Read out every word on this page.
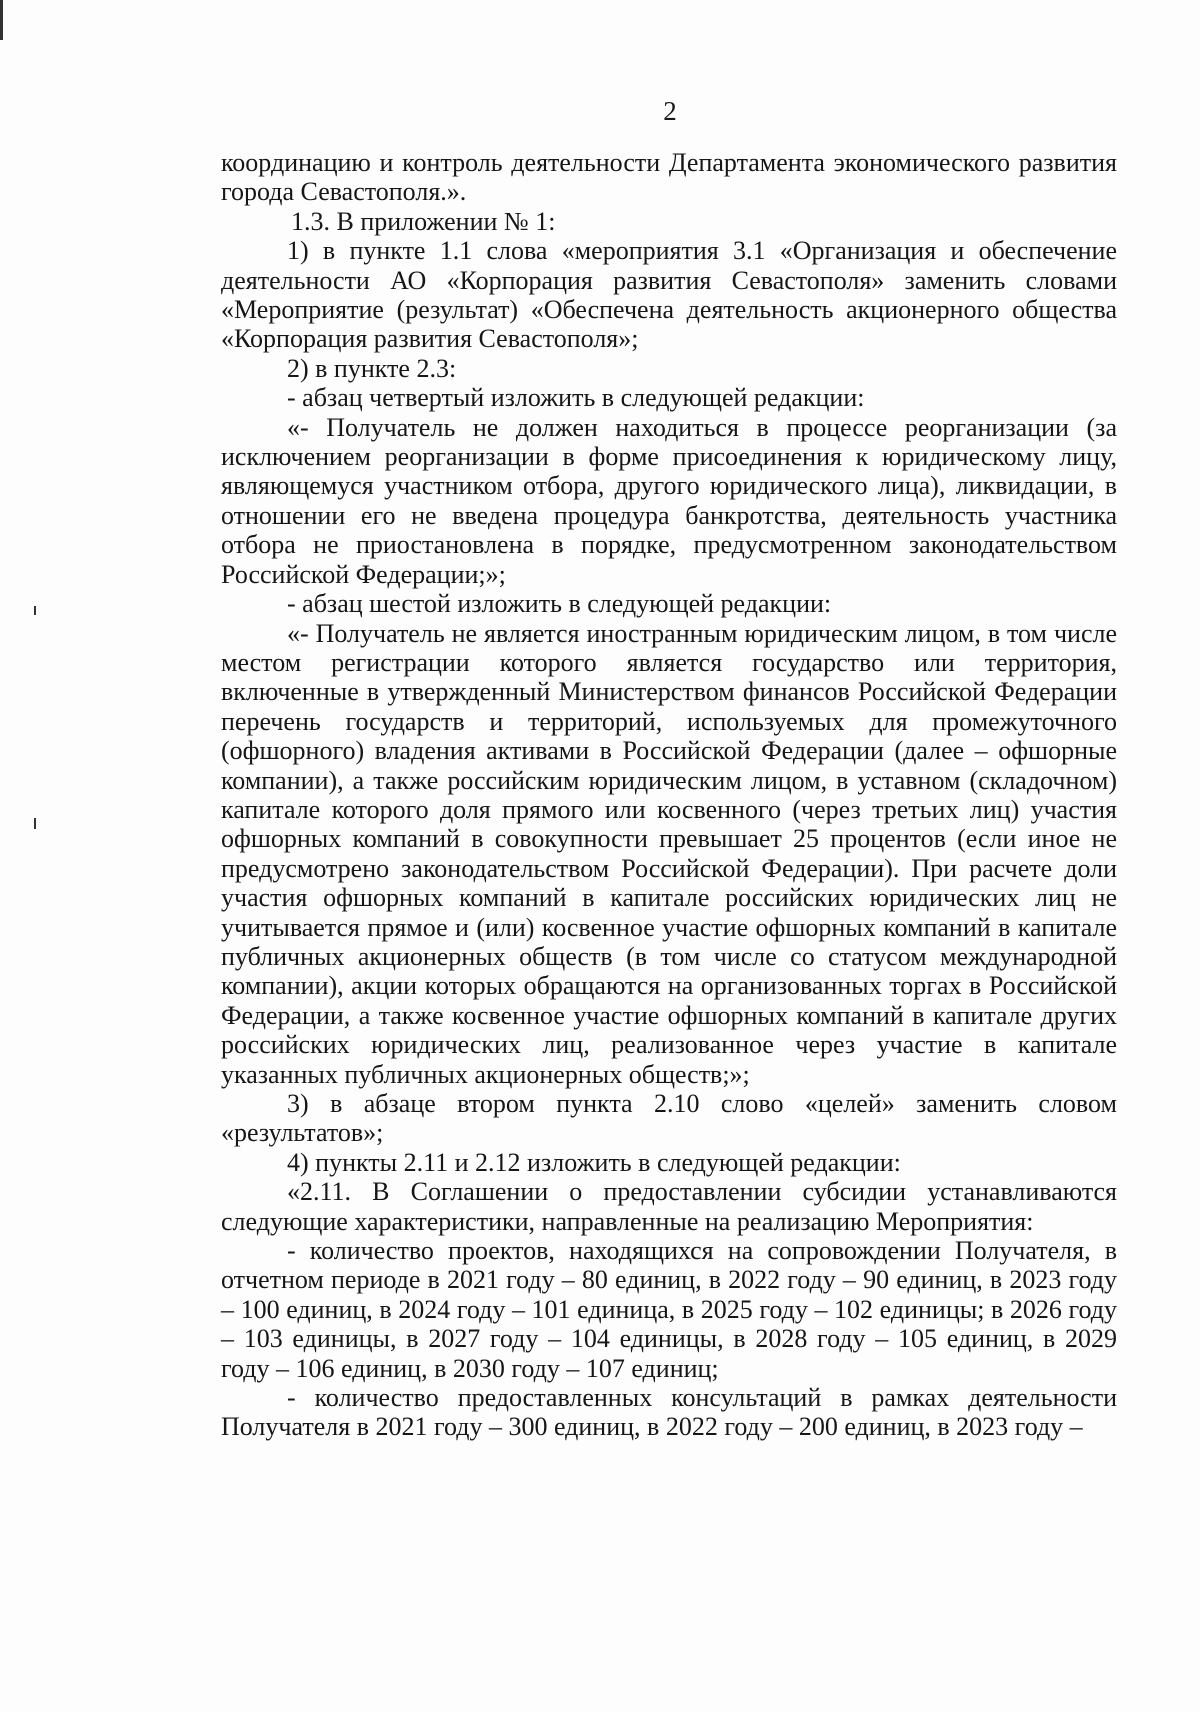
2

координацию и контроль деятельности Департамента экономического развития города Севастополя.».

1.3. В приложении № 1:

1) в пункте 1.1 слова «мероприятия 3.1 «Организация и обеспечение деятельности АО «Корпорация развития Севастополя» заменить словами «Мероприятие (результат) «Обеспечена деятельность акционерного общества «Корпорация развития Севастополя»;

2) в пункте 2.3:

- абзац четвертый изложить в следующей редакции:

«- Получатель не должен находиться в процессе реорганизации (за исключением реорганизации в форме присоединения к юридическому лицу, являющемуся участником отбора, другого юридического лица), ликвидации, в отношении его не введена процедура банкротства, деятельность участника отбора не приостановлена в порядке, предусмотренном законодательством Российской Федерации;»;

- абзац шестой изложить в следующей редакции:

«- Получатель не является иностранным юридическим лицом, в том числе местом регистрации которого является государство или территория, включенные в утвержденный Министерством финансов Российской Федерации перечень государств и территорий, используемых для промежуточного (офшорного) владения активами в Российской Федерации (далее – офшорные компании), а также российским юридическим лицом, в уставном (складочном) капитале которого доля прямого или косвенного (через третьих лиц) участия офшорных компаний в совокупности превышает 25 процентов (если иное не предусмотрено законодательством Российской Федерации). При расчете доли участия офшорных компаний в капитале российских юридических лиц не учитывается прямое и (или) косвенное участие офшорных компаний в капитале публичных акционерных обществ (в том числе со статусом международной компании), акции которых обращаются на организованных торгах в Российской Федерации, а также косвенное участие офшорных компаний в капитале других российских юридических лиц, реализованное через участие в капитале указанных публичных акционерных обществ;»;

3) в абзаце втором пункта 2.10 слово «целей» заменить словом «результатов»;

4) пункты 2.11 и 2.12 изложить в следующей редакции:

«2.11. В Соглашении о предоставлении субсидии устанавливаются следующие характеристики, направленные на реализацию Мероприятия:

- количество проектов, находящихся на сопровождении Получателя, в отчетном периоде в 2021 году – 80 единиц, в 2022 году – 90 единиц, в 2023 году – 100 единиц, в 2024 году – 101 единица, в 2025 году – 102 единицы; в 2026 году – 103 единицы, в 2027 году – 104 единицы, в 2028 году – 105 единиц, в 2029 году – 106 единиц, в 2030 году – 107 единиц;

- количество предоставленных консультаций в рамках деятельности Получателя в 2021 году – 300 единиц, в 2022 году – 200 единиц, в 2023 году –
